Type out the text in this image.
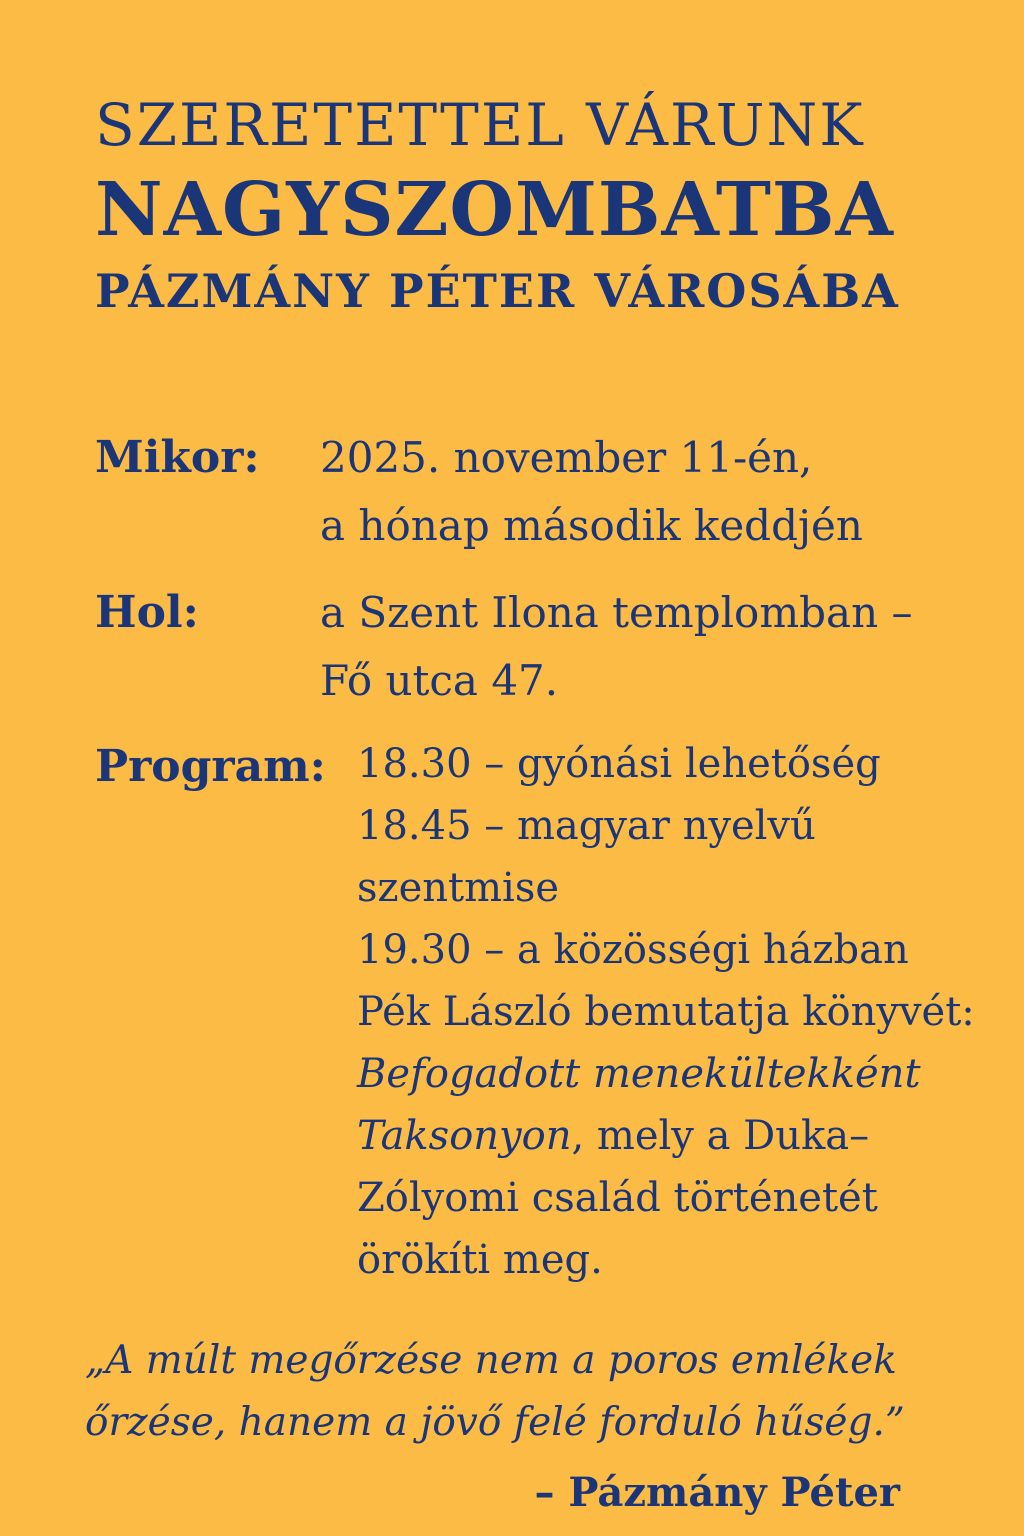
SZERETETTEL VÁRUNK
NAGYSZOMBATBA
PÁZMÁNY PÉTER VÁROSÁBA
Mikor: 2025. november 11-én,
a hónap második keddjén
Hol:	a Szent Ilona templomban –
Fő utca 47.
Program: 18.30 – gyónási lehetőség
18.45 – magyar nyelvű
szentmise
19.30 – a közösségi házban
Pék László bemutatja könyvét:
Befogadott menekültekként
Taksonyon, mely a Duka–
Zólyomi család történetét
örökíti meg.
„A múlt megőrzése nem a poros emlékek
őrzése, hanem a jövő felé forduló hűség.”
– Pázmány Péter
